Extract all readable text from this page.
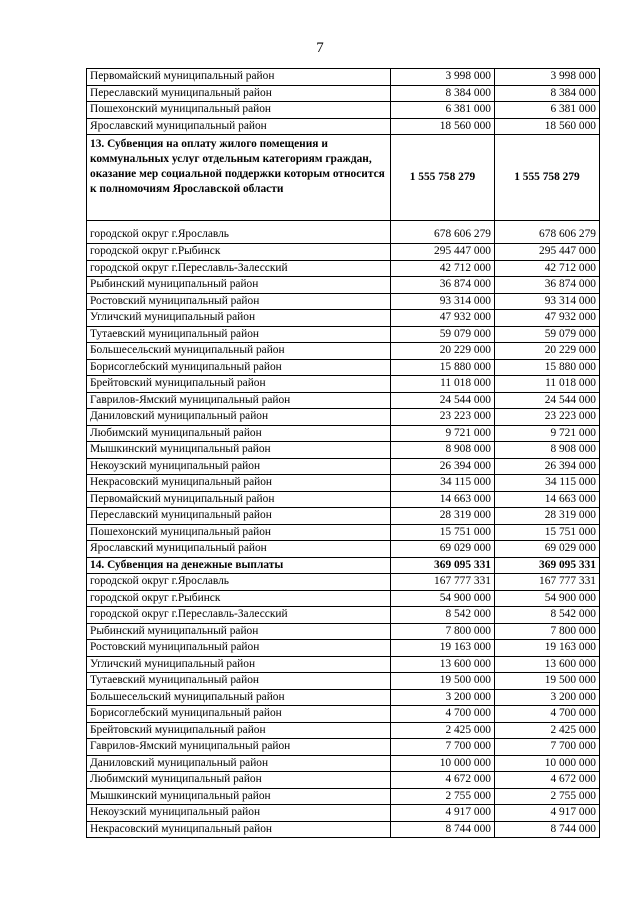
7
Первомайский муниципальный район	3 998 000	3 998 000
Переславский муниципальный район	8 384 000	8 384 000
Пошехонский муниципальный район	6 381 000	6 381 000
Ярославский муниципальный район	18 560 000	18 560 000
13. Субвенция на оплату жилого помещения и коммунальных услуг отдельным категориям граждан, оказание мер социальной поддержки которым относится к полномочиям Ярославской области	1 555 758 279	1 555 758 279
городской округ г.Ярославль	678 606 279	678 606 279
городской округ г.Рыбинск	295 447 000	295 447 000
городской округ г.Переславль-Залесский	42 712 000	42 712 000
Рыбинский муниципальный район	36 874 000	36 874 000
Ростовский муниципальный район	93 314 000	93 314 000
Угличский муниципальный район	47 932 000	47 932 000
Тутаевский муниципальный район	59 079 000	59 079 000
Большесельский муниципальный район	20 229 000	20 229 000
Борисоглебский муниципальный район	15 880 000	15 880 000
Брейтовский муниципальный район	11 018 000	11 018 000
Гаврилов-Ямский муниципальный район	24 544 000	24 544 000
Даниловский муниципальный район	23 223 000	23 223 000
Любимский муниципальный район	9 721 000	9 721 000
Мышкинский муниципальный район	8 908 000	8 908 000
Некоузский муниципальный район	26 394 000	26 394 000
Некрасовский муниципальный район	34 115 000	34 115 000
Первомайский муниципальный район	14 663 000	14 663 000
Переславский муниципальный район	28 319 000	28 319 000
Пошехонский муниципальный район	15 751 000	15 751 000
Ярославский муниципальный район	69 029 000	69 029 000
14. Субвенция на денежные выплаты	369 095 331	369 095 331
городской округ г.Ярославль	167 777 331	167 777 331
городской округ г.Рыбинск	54 900 000	54 900 000
городской округ г.Переславль-Залесский	8 542 000	8 542 000
Рыбинский муниципальный район	7 800 000	7 800 000
Ростовский муниципальный район	19 163 000	19 163 000
Угличский муниципальный район	13 600 000	13 600 000
Тутаевский муниципальный район	19 500 000	19 500 000
Большесельский муниципальный район	3 200 000	3 200 000
Борисоглебский муниципальный район	4 700 000	4 700 000
Брейтовский муниципальный район	2 425 000	2 425 000
Гаврилов-Ямский муниципальный район	7 700 000	7 700 000
Даниловский муниципальный район	10 000 000	10 000 000
Любимский муниципальный район	4 672 000	4 672 000
Мышкинский муниципальный район	2 755 000	2 755 000
Некоузский муниципальный район	4 917 000	4 917 000
Некрасовский муниципальный район	8 744 000	8 744 000
